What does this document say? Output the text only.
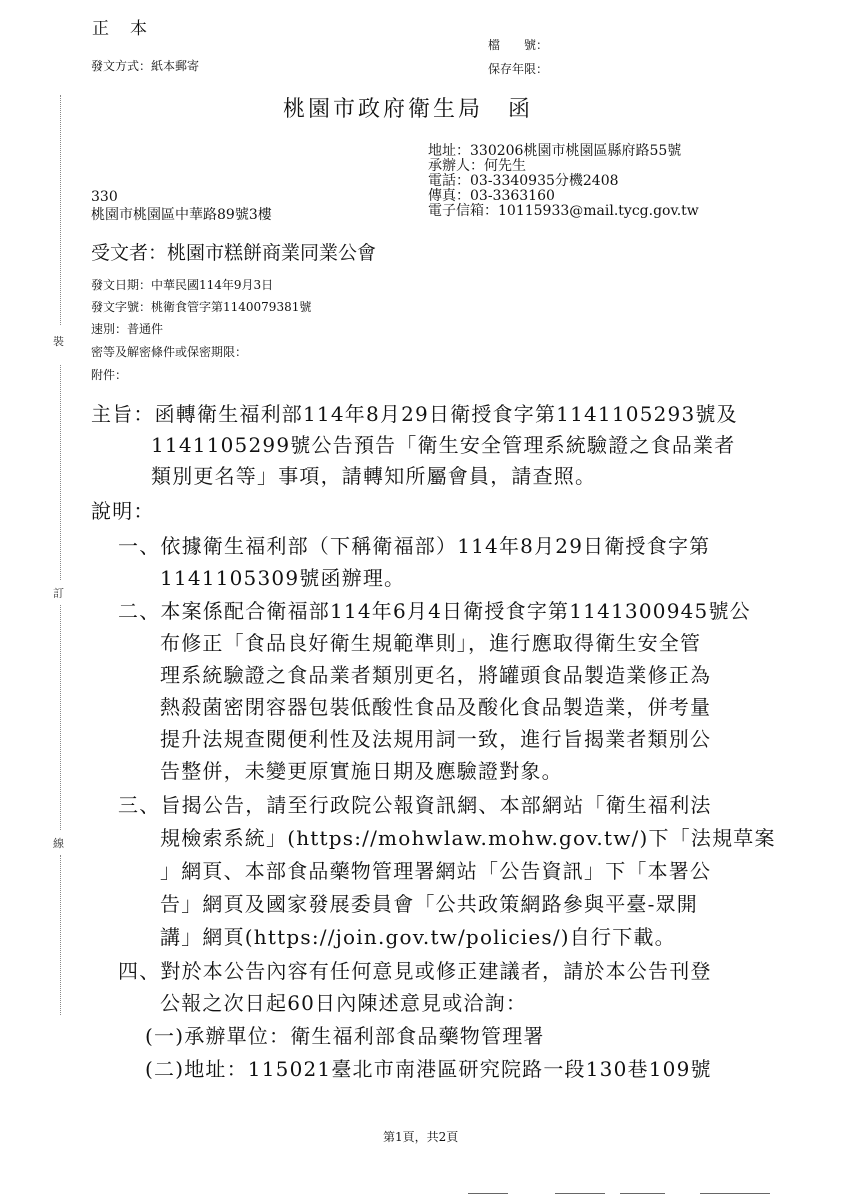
裝
訂
線
正　本
發文方式：紙本郵寄
檔　　號：
保存年限：
桃園市政府衛生局　函
地址：330206桃園市桃園區縣府路55號
承辦人：何先生
電話：03-3340935分機2408
傳真：03-3363160
電子信箱：10115933@mail.tycg.gov.tw
330
桃園市桃園區中華路89號3樓
受文者：桃園市糕餅商業同業公會
發文日期：中華民國114年9月3日
發文字號：桃衛食管字第1140079381號
速別：普通件
密等及解密條件或保密期限：
附件：
主旨：函轉衛生福利部114年8月29日衛授食字第1141105293號及
1141105299號公告預告「衛生安全管理系統驗證之食品業者
類別更名等」事項，請轉知所屬會員，請查照。
說明：
一、依據衛生福利部（下稱衛福部）114年8月29日衛授食字第
1141105309號函辦理。
二、本案係配合衛福部114年6月4日衛授食字第1141300945號公
布修正「食品良好衛生規範準則」，進行應取得衛生安全管
理系統驗證之食品業者類別更名，將罐頭食品製造業修正為
熱殺菌密閉容器包裝低酸性食品及酸化食品製造業，併考量
提升法規查閱便利性及法規用詞一致，進行旨揭業者類別公
告整併，未變更原實施日期及應驗證對象。
三、旨揭公告，請至行政院公報資訊網、本部網站「衛生福利法
規檢索系統」(https://mohwlaw.mohw.gov.tw/)下「法規草案
」網頁、本部食品藥物管理署網站「公告資訊」下「本署公
告」網頁及國家發展委員會「公共政策網路參與平臺-眾開
講」網頁(https://join.gov.tw/policies/)自行下載。
四、對於本公告內容有任何意見或修正建議者，請於本公告刊登
公報之次日起60日內陳述意見或洽詢：
(一)承辦單位：衛生福利部食品藥物管理署
(二)地址：115021臺北市南港區研究院路一段130巷109號
第1頁，共2頁
